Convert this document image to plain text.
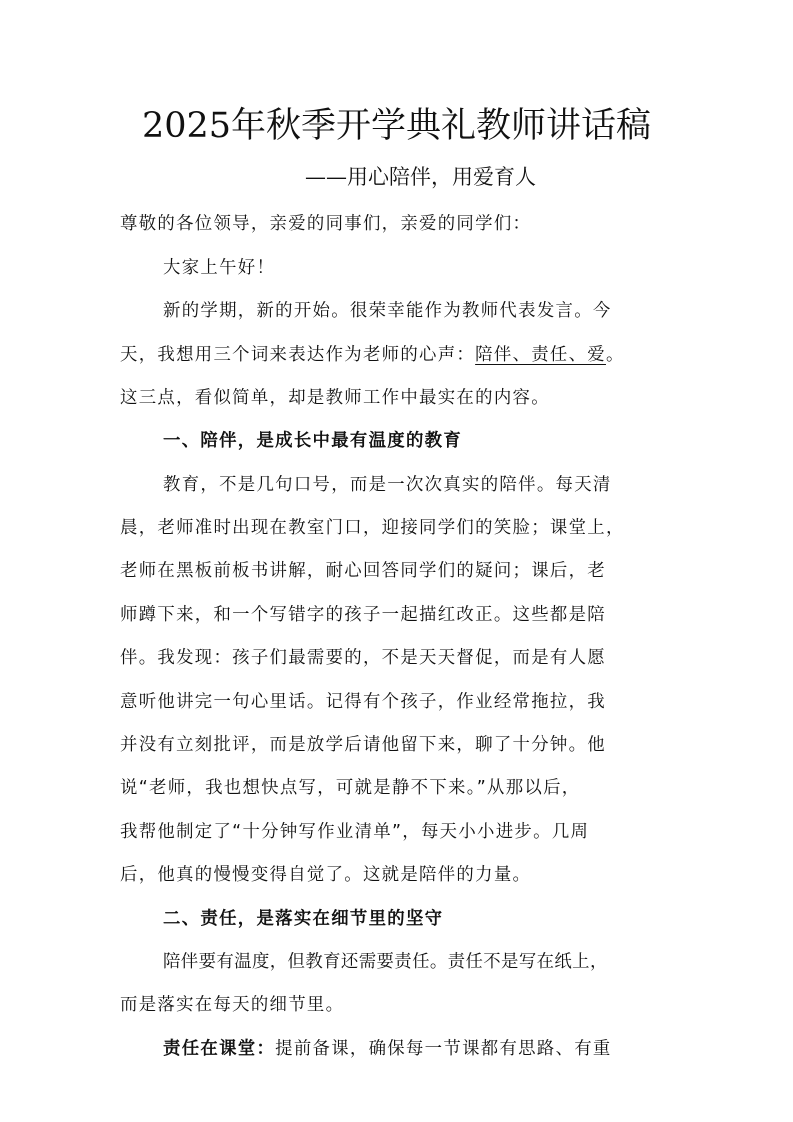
2025年秋季开学典礼教师讲话稿
——用心陪伴，用爱育人
尊敬的各位领导，亲爱的同事们，亲爱的同学们：
大家上午好！
新的学期，新的开始。很荣幸能作为教师代表发言。今
天，我想用三个词来表达作为老师的心声：陪伴、责任、爱。
这三点，看似简单，却是教师工作中最实在的内容。
一、陪伴，是成长中最有温度的教育
教育，不是几句口号，而是一次次真实的陪伴。每天清
晨，老师准时出现在教室门口，迎接同学们的笑脸；课堂上，
老师在黑板前板书讲解，耐心回答同学们的疑问；课后，老
师蹲下来，和一个写错字的孩子一起描红改正。这些都是陪
伴。我发现：孩子们最需要的，不是天天督促，而是有人愿
意听他讲完一句心里话。记得有个孩子，作业经常拖拉，我
并没有立刻批评，而是放学后请他留下来，聊了十分钟。他
说“老师，我也想快点写，可就是静不下来。”从那以后，
我帮他制定了“十分钟写作业清单”，每天小小进步。几周
后，他真的慢慢变得自觉了。这就是陪伴的力量。
二、责任，是落实在细节里的坚守
陪伴要有温度，但教育还需要责任。责任不是写在纸上，
而是落实在每天的细节里。
责任在课堂：提前备课，确保每一节课都有思路、有重
